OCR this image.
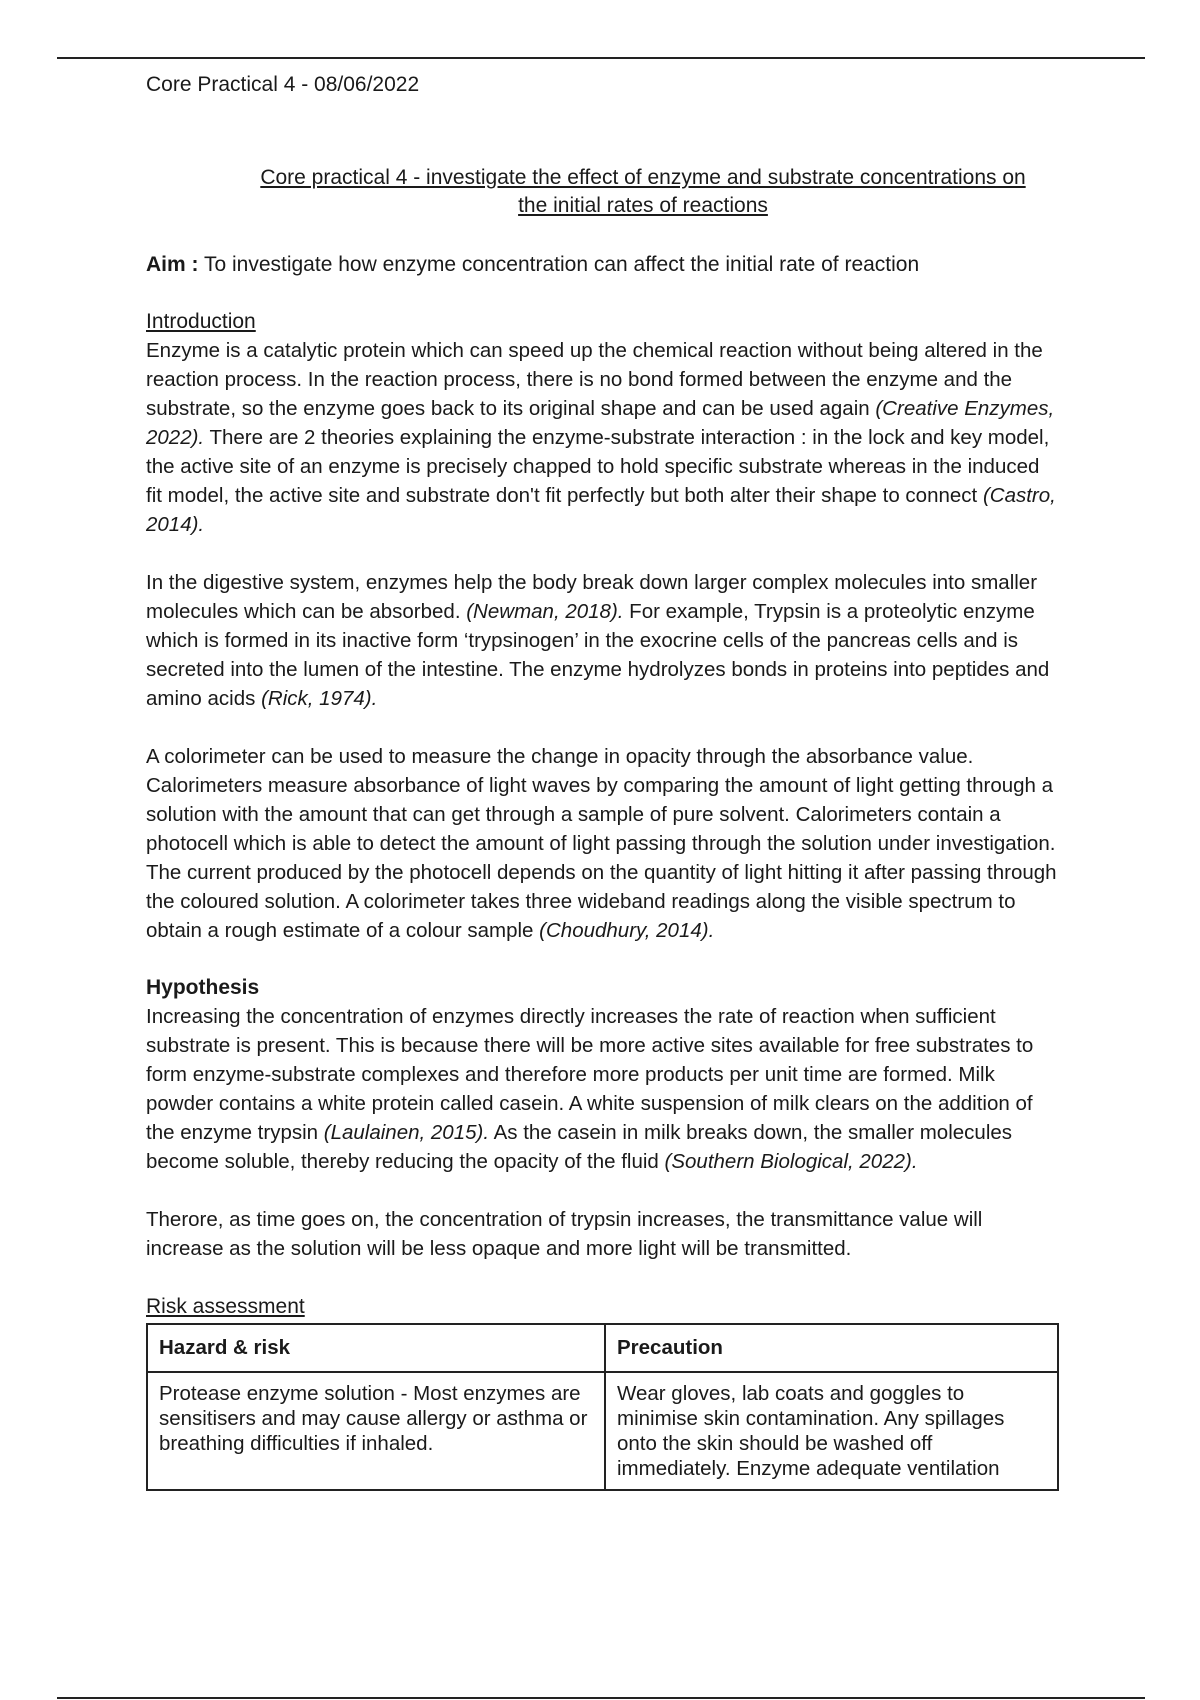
Core Practical 4 - 08/06/2022

Core practical 4 - investigate the effect of enzyme and substrate concentrations on
the initial rates of reactions

Aim : To investigate how enzyme concentration can affect the initial rate of reaction

Introduction

Enzyme is a catalytic protein which can speed up the chemical reaction without being altered in the reaction process. In the reaction process, there is no bond formed between the enzyme and the substrate, so the enzyme goes back to its original shape and can be used again (Creative Enzymes, 2022). There are 2 theories explaining the enzyme-substrate interaction : in the lock and key model, the active site of an enzyme is precisely chapped to hold specific substrate whereas in the induced fit model, the active site and substrate don't fit perfectly but both alter their shape to connect (Castro, 2014).

In the digestive system, enzymes help the body break down larger complex molecules into smaller molecules which can be absorbed. (Newman, 2018). For example, Trypsin is a proteolytic enzyme which is formed in its inactive form ‘trypsinogen’ in the exocrine cells of the pancreas cells and is secreted into the lumen of the intestine. The enzyme hydrolyzes bonds in proteins into peptides and amino acids (Rick, 1974).

A colorimeter can be used to measure the change in opacity through the absorbance value. Calorimeters measure absorbance of light waves by comparing the amount of light getting through a solution with the amount that can get through a sample of pure solvent. Calorimeters contain a photocell which is able to detect the amount of light passing through the solution under investigation. The current produced by the photocell depends on the quantity of light hitting it after passing through the coloured solution. A colorimeter takes three wideband readings along the visible spectrum to obtain a rough estimate of a colour sample (Choudhury, 2014).

Hypothesis

Increasing the concentration of enzymes directly increases the rate of reaction when sufficient substrate is present. This is because there will be more active sites available for free substrates to form enzyme-substrate complexes and therefore more products per unit time are formed. Milk powder contains a white protein called casein. A white suspension of milk clears on the addition of the enzyme trypsin (Laulainen, 2015). As the casein in milk breaks down, the smaller molecules become soluble, thereby reducing the opacity of the fluid (Southern Biological, 2022).

Therore, as time goes on, the concentration of trypsin increases, the transmittance value will increase as the solution will be less opaque and more light will be transmitted.

Risk assessment
Hazard & risk	Precaution
Protease enzyme solution - Most enzymes are sensitisers and may cause allergy or asthma or breathing difficulties if inhaled.	Wear gloves, lab coats and goggles to minimise skin contamination. Any spillages onto the skin should be washed off immediately. Enzyme adequate ventilation
